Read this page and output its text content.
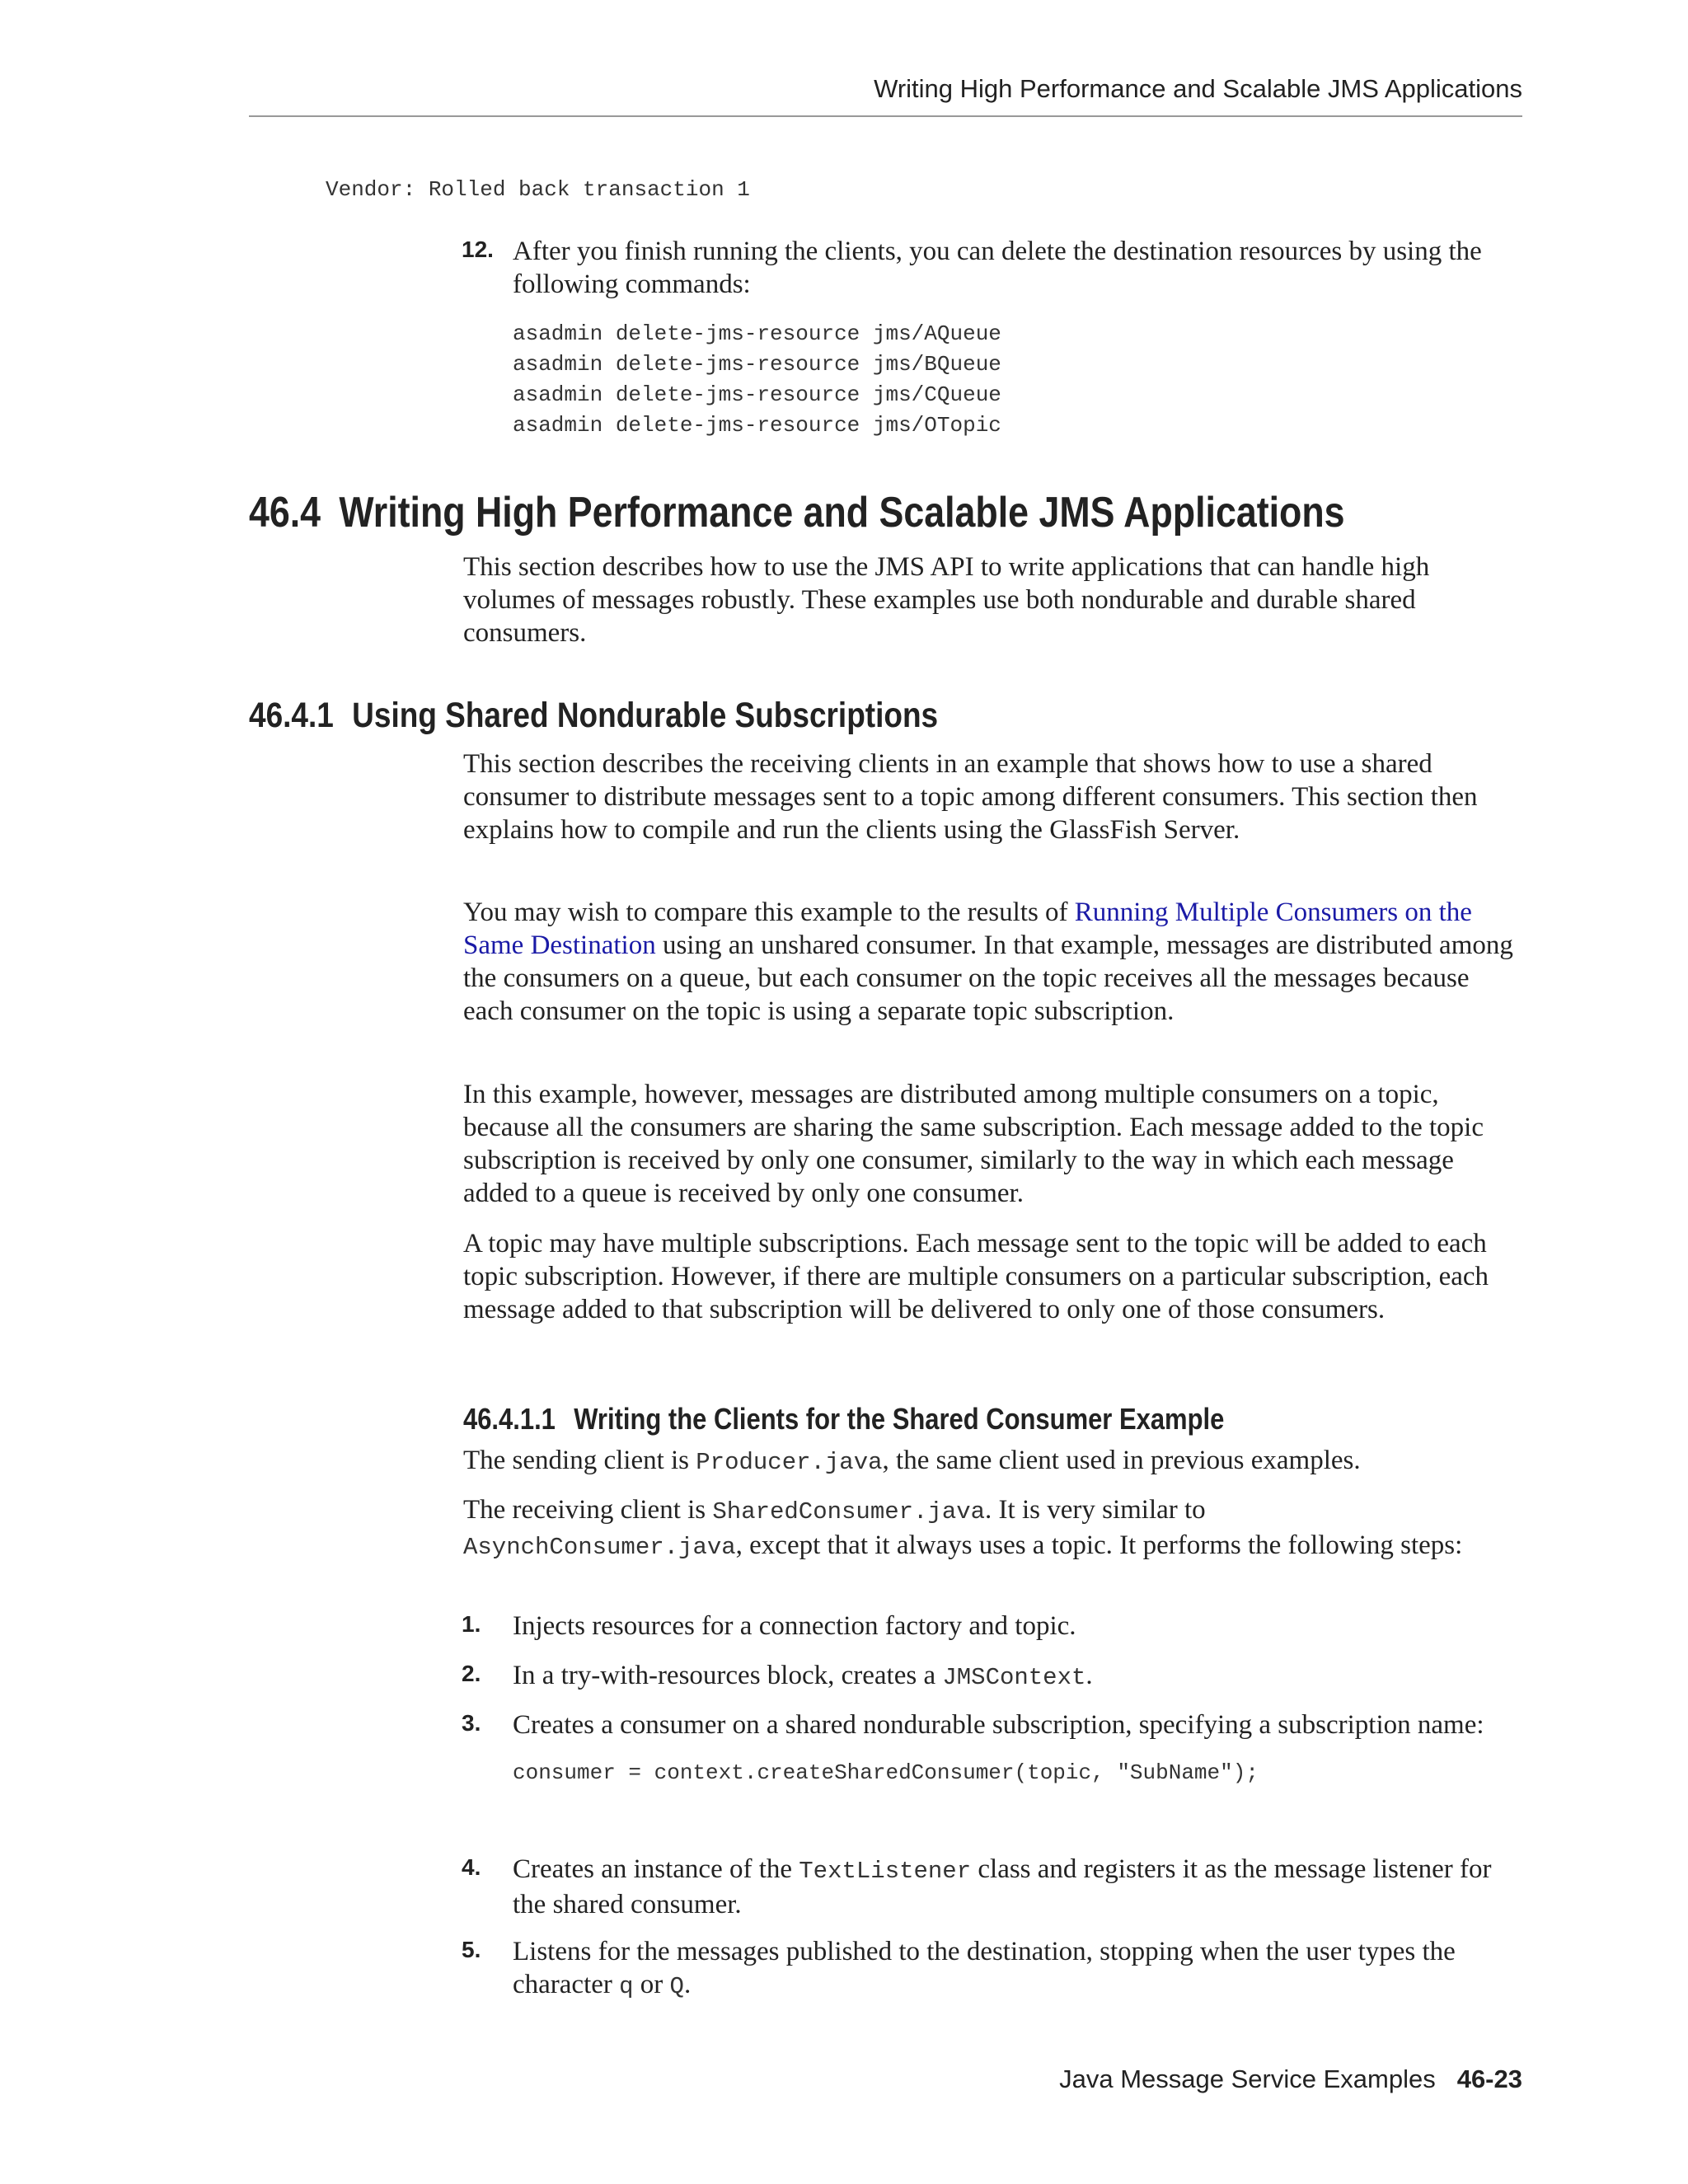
Writing High Performance and Scalable JMS Applications
Vendor: Rolled back transaction 1
12. After you finish running the clients, you can delete the destination resources by using the following commands:

asadmin delete-jms-resource jms/AQueue
asadmin delete-jms-resource jms/BQueue
asadmin delete-jms-resource jms/CQueue
asadmin delete-jms-resource jms/OTopic
46.4 Writing High Performance and Scalable JMS Applications

This section describes how to use the JMS API to write applications that can handle high volumes of messages robustly. These examples use both nondurable and durable shared consumers.

46.4.1 Using Shared Nondurable Subscriptions

This section describes the receiving clients in an example that shows how to use a shared consumer to distribute messages sent to a topic among different consumers. This section then explains how to compile and run the clients using the GlassFish Server.

You may wish to compare this example to the results of Running Multiple Consumers on the Same Destination using an unshared consumer. In that example, messages are distributed among the consumers on a queue, but each consumer on the topic receives all the messages because each consumer on the topic is using a separate topic subscription.

In this example, however, messages are distributed among multiple consumers on a topic, because all the consumers are sharing the same subscription. Each message added to the topic subscription is received by only one consumer, similarly to the way in which each message added to a queue is received by only one consumer.

A topic may have multiple subscriptions. Each message sent to the topic will be added to each topic subscription. However, if there are multiple consumers on a particular subscription, each message added to that subscription will be delivered to only one of those consumers.

46.4.1.1 Writing the Clients for the Shared Consumer Example

The sending client is Producer.java, the same client used in previous examples.

The receiving client is SharedConsumer.java. It is very similar to
AsynchConsumer.java, except that it always uses a topic. It performs the following steps:

1. Injects resources for a connection factory and topic.

2. In a try-with-resources block, creates a JMSContext.

3. Creates a consumer on a shared nondurable subscription, specifying a subscription name:

consumer = context.createSharedConsumer(topic, "SubName");
4. Creates an instance of the TextListener class and registers it as the message listener for the shared consumer.

5. Listens for the messages published to the destination, stopping when the user types the character q or Q.

Java Message Service Examples 46-23
